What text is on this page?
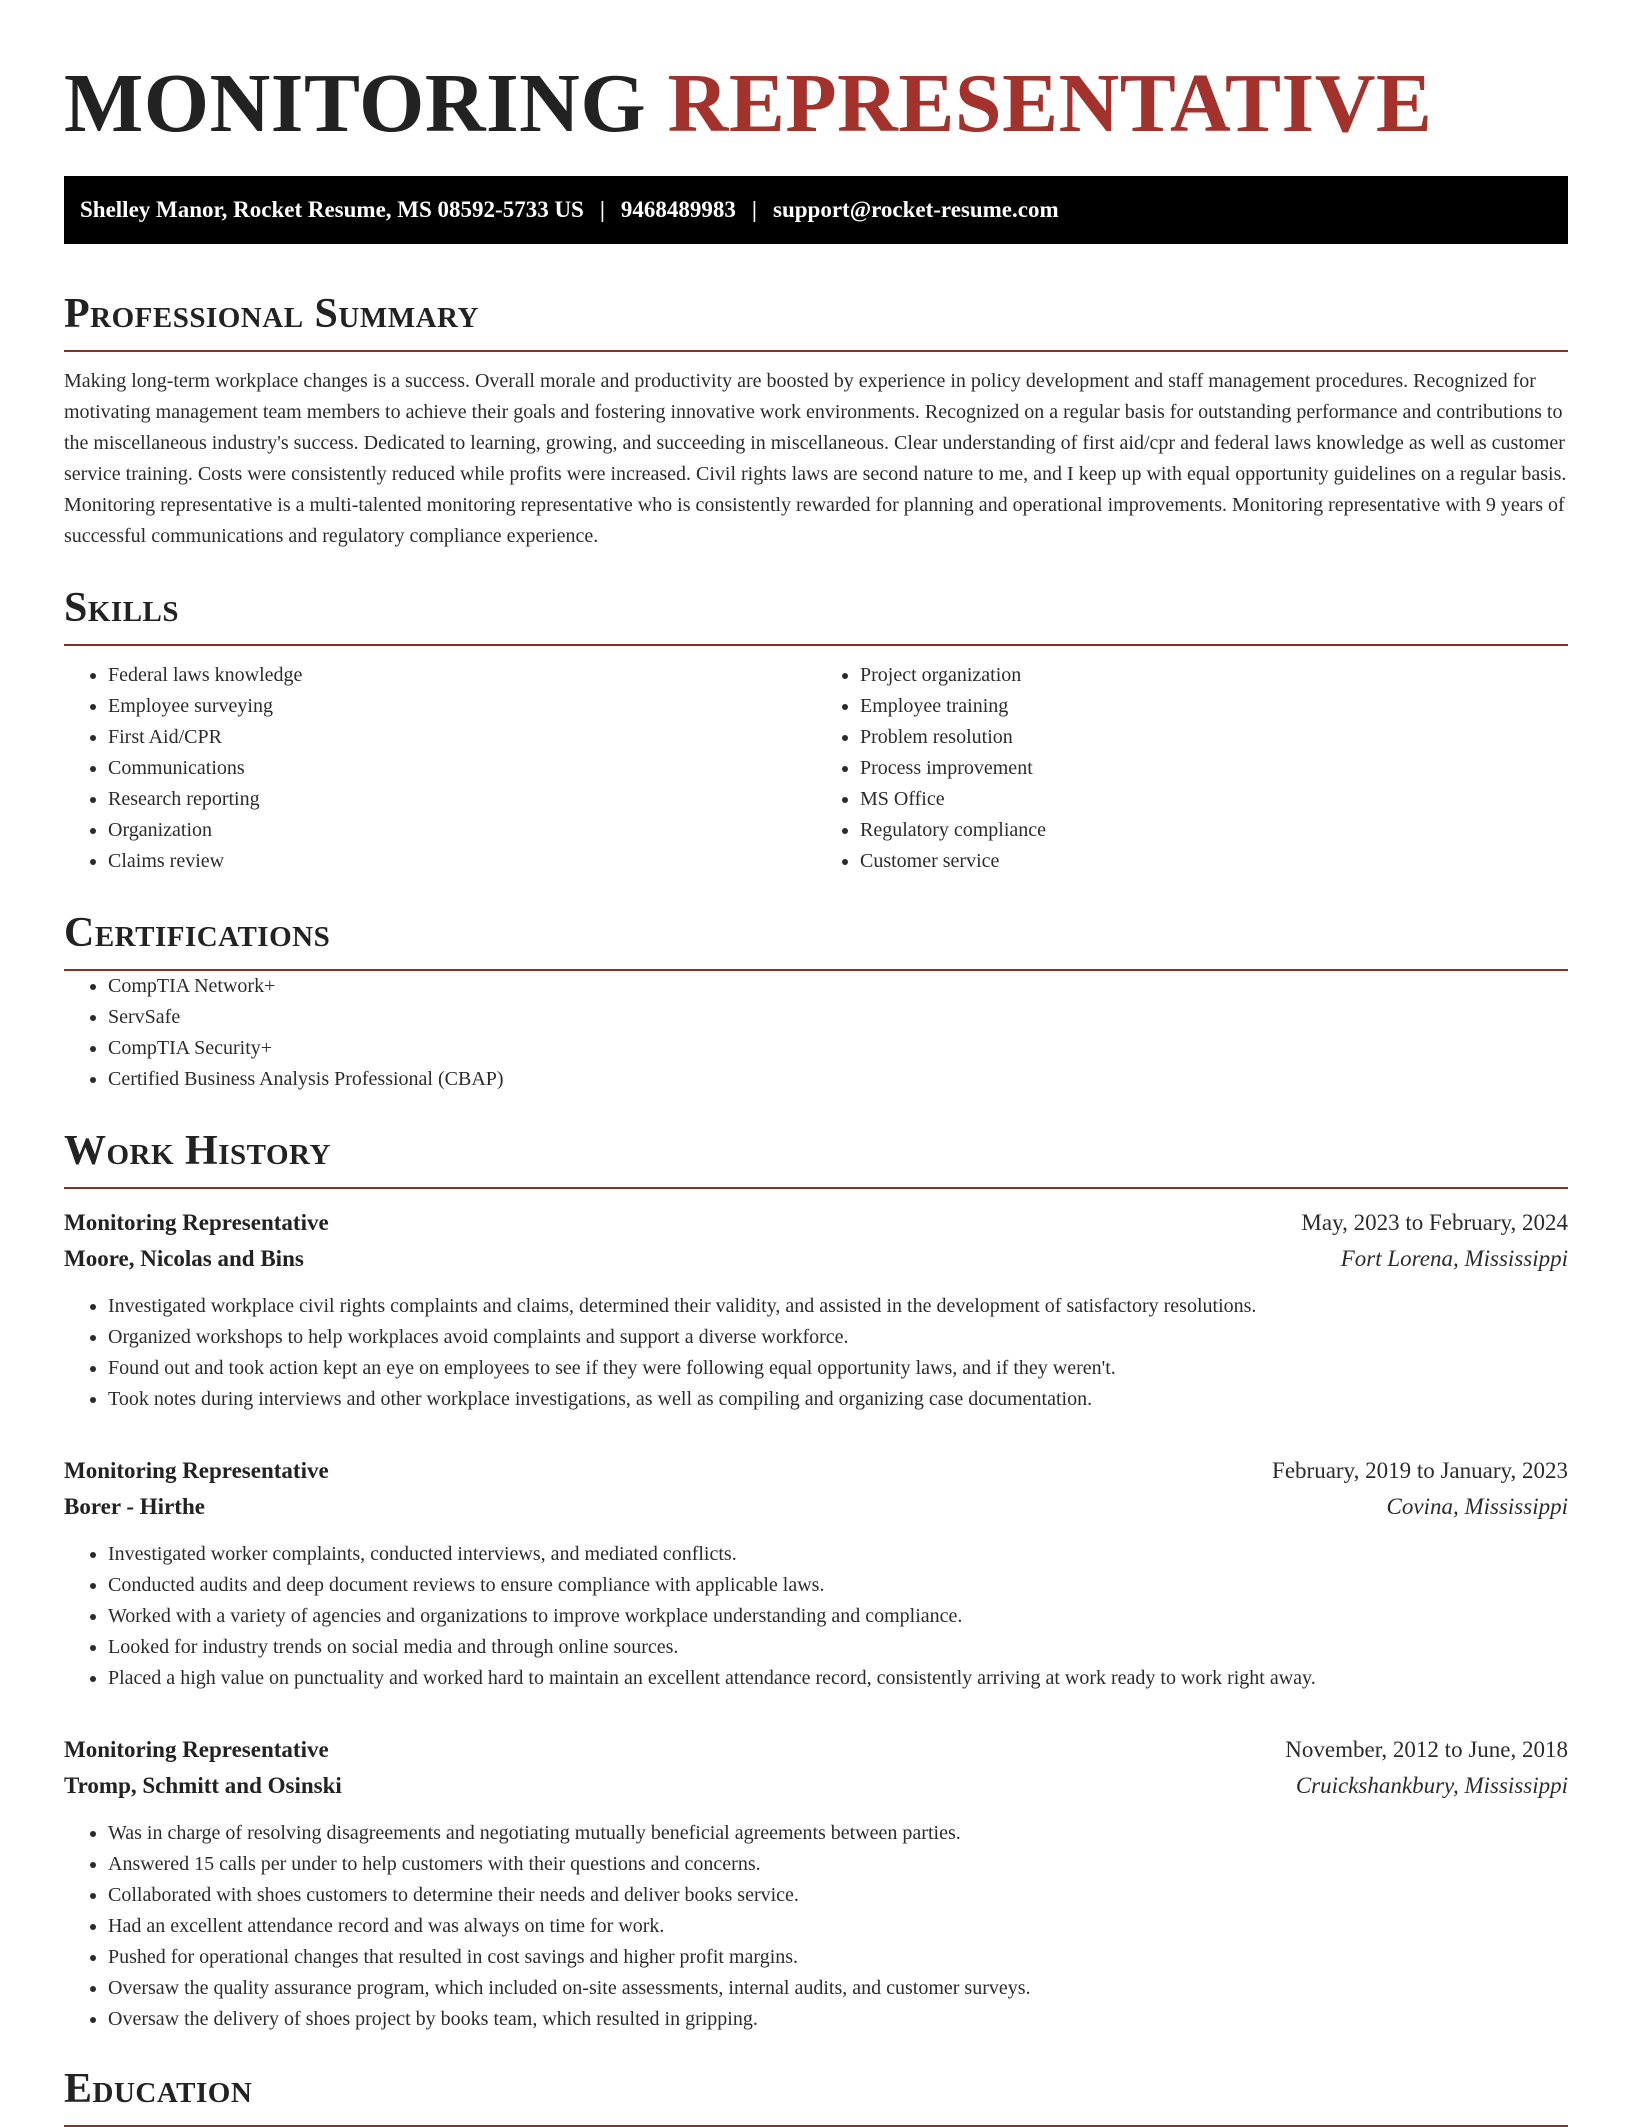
MONITORING REPRESENTATIVE
Shelley Manor, Rocket Resume, MS 08592-5733 US | 9468489983 | support@rocket-resume.com
Professional Summary

Making long-term workplace changes is a success. Overall morale and productivity are boosted by experience in policy development and staff management procedures. Recognized for motivating management team members to achieve their goals and fostering innovative work environments. Recognized on a regular basis for outstanding performance and contributions to the miscellaneous industry's success. Dedicated to learning, growing, and succeeding in miscellaneous. Clear understanding of first aid/cpr and federal laws knowledge as well as customer service training. Costs were consistently reduced while profits were increased. Civil rights laws are second nature to me, and I keep up with equal opportunity guidelines on a regular basis. Monitoring representative is a multi-talented monitoring representative who is consistently rewarded for planning and operational improvements. Monitoring representative with 9 years of successful communications and regulatory compliance experience.

Skills
• Federal laws knowledge
• Employee surveying
• First Aid/CPR
• Communications
• Research reporting
• Organization
• Claims review
• Project organization
• Employee training
• Problem resolution
• Process improvement
• MS Office
• Regulatory compliance
• Customer service
Certifications
• CompTIA Network+
• ServSafe
• CompTIA Security+
• Certified Business Analysis Professional (CBAP)
Work History
Monitoring Representative	May, 2023 to February, 2024
Moore, Nicolas and Bins	Fort Lorena, Mississippi
• Investigated workplace civil rights complaints and claims, determined their validity, and assisted in the development of satisfactory resolutions.
• Organized workshops to help workplaces avoid complaints and support a diverse workforce.
• Found out and took action kept an eye on employees to see if they were following equal opportunity laws, and if they weren't.
• Took notes during interviews and other workplace investigations, as well as compiling and organizing case documentation.
Monitoring Representative	February, 2019 to January, 2023
Borer - Hirthe	Covina, Mississippi
• Investigated worker complaints, conducted interviews, and mediated conflicts.
• Conducted audits and deep document reviews to ensure compliance with applicable laws.
• Worked with a variety of agencies and organizations to improve workplace understanding and compliance.
• Looked for industry trends on social media and through online sources.
• Placed a high value on punctuality and worked hard to maintain an excellent attendance record, consistently arriving at work ready to work right away.
Monitoring Representative	November, 2012 to June, 2018
Tromp, Schmitt and Osinski	Cruickshankbury, Mississippi
• Was in charge of resolving disagreements and negotiating mutually beneficial agreements between parties.
• Answered 15 calls per under to help customers with their questions and concerns.
• Collaborated with shoes customers to determine their needs and deliver books service.
• Had an excellent attendance record and was always on time for work.
• Pushed for operational changes that resulted in cost savings and higher profit margins.
• Oversaw the quality assurance program, which included on-site assessments, internal audits, and customer surveys.
• Oversaw the delivery of shoes project by books team, which resulted in gripping.
Education
